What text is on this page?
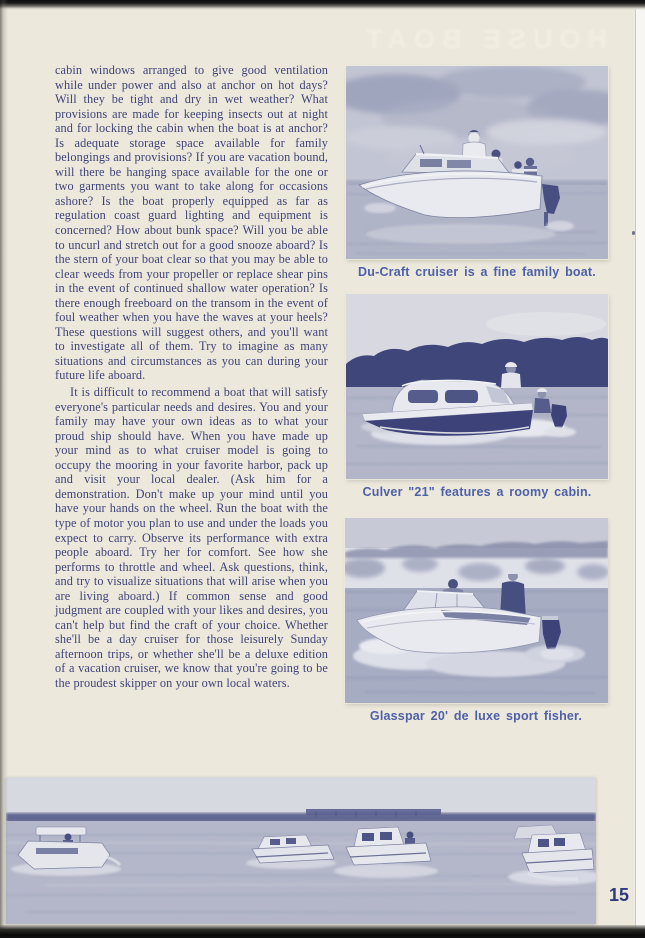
HOUSE BOAT

cabin windows arranged to give good ventilation while under power and also at anchor on hot days? Will they be tight and dry in wet weather? What provisions are made for keeping insects out at night and for locking the cabin when the boat is at anchor? Is adequate storage space available for family belongings and provisions? If you are vacation bound, will there be hanging space available for the one or two garments you want to take along for occasions ashore? Is the boat properly equipped as far as regulation coast guard lighting and equipment is concerned? How about bunk space? Will you be able to uncurl and stretch out for a good snooze aboard? Is the stern of your boat clear so that you may be able to clear weeds from your propeller or replace shear pins in the event of continued shallow water operation? Is there enough freeboard on the transom in the event of foul weather when you have the waves at your heels? These questions will suggest others, and you'll want to investigate all of them. Try to imagine as many situations and circumstances as you can during your future life aboard.

It is difficult to recommend a boat that will satisfy everyone's particular needs and desires. You and your family may have your own ideas as to what your proud ship should have. When you have made up your mind as to what cruiser model is going to occupy the mooring in your favorite harbor, pack up and visit your local dealer. (Ask him for a demonstration. Don't make up your mind until you have your hands on the wheel. Run the boat with the type of motor you plan to use and under the loads you expect to carry. Observe its performance with extra people aboard. Try her for comfort. See how she performs to throttle and wheel. Ask questions, think, and try to visualize situations that will arise when you are living aboard.) If common sense and good judgment are coupled with your likes and desires, you can't help but find the craft of your choice. Whether she'll be a day cruiser for those leisurely Sunday afternoon trips, or whether she'll be a deluxe edition of a vacation cruiser, we know that you're going to be the proudest skipper on your own local waters.

Du-Craft cruiser is a fine family boat.
Culver "21" features a roomy cabin.
Glasspar 20' de luxe sport fisher.
15
